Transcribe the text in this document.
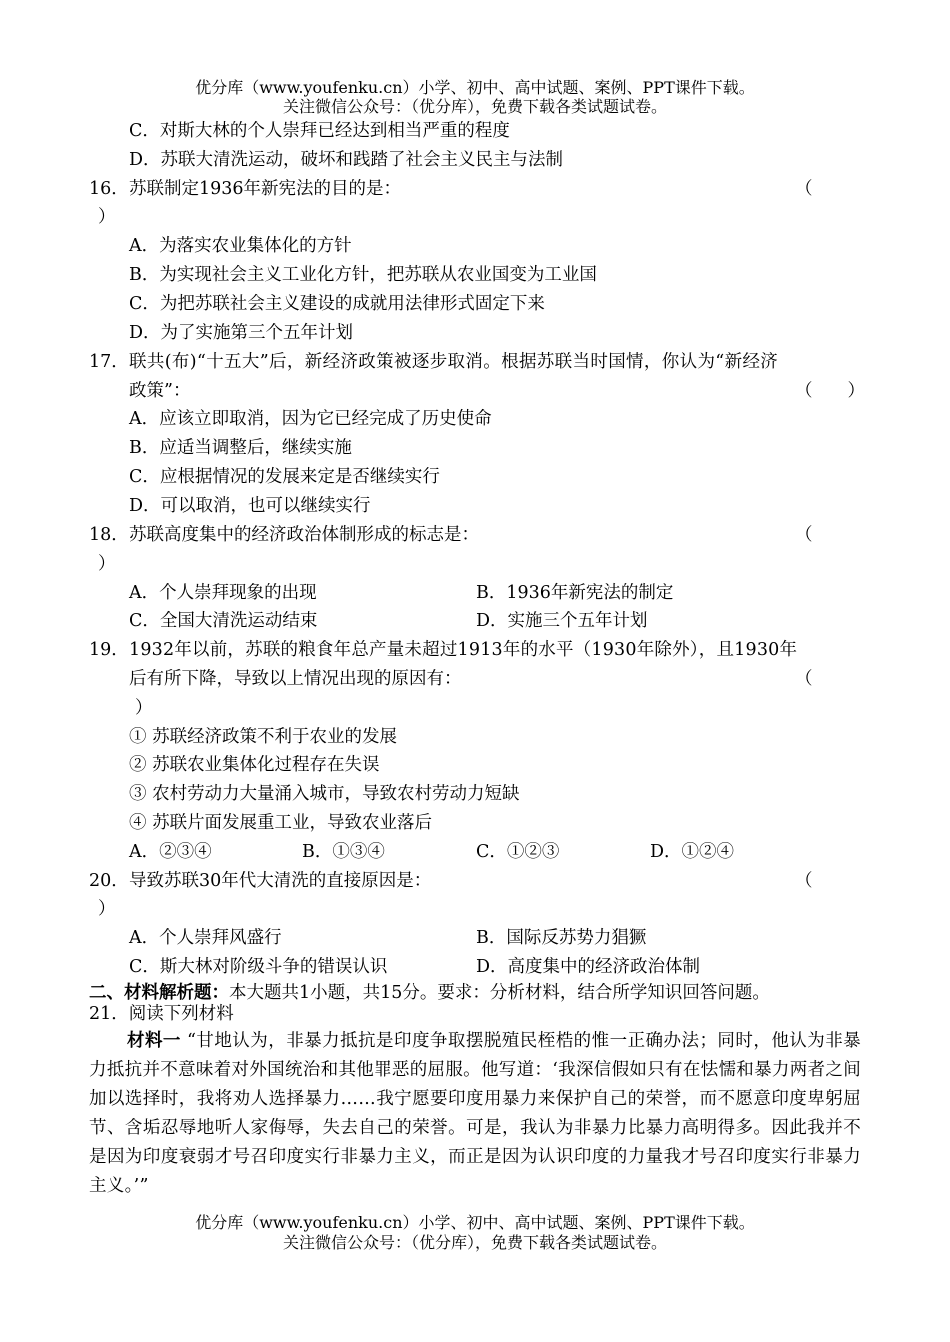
优分库（www.youfenku.cn）小学、初中、高中试题、案例、PPT课件下载。
关注微信公众号：（优分库），免费下载各类试题试卷。
C．对斯大林的个人崇拜已经达到相当严重的程度
D．苏联大清洗运动，破坏和践踏了社会主义民主与法制
16． 苏联制定1936年新宪法的目的是：	（
）
A．为落实农业集体化的方针
B．为实现社会主义工业化方针，把苏联从农业国变为工业国
C．为把苏联社会主义建设的成就用法律形式固定下来
D．为了实施第三个五年计划
17． 联共(布)“十五大”后，新经济政策被逐步取消。根据苏联当时国情，你认为“新经济
政策”：	（　　）
A．应该立即取消，因为它已经完成了历史使命
B．应适当调整后，继续实施
C．应根据情况的发展来定是否继续实行
D．可以取消，也可以继续实行
18． 苏联高度集中的经济政治体制形成的标志是：	（
）
A．个人崇拜现象的出现	B．1936年新宪法的制定
C．全国大清洗运动结束	D．实施三个五年计划
19． 1932年以前，苏联的粮食年总产量未超过1913年的水平（1930年除外），且1930年
后有所下降，导致以上情况出现的原因有：	（
）
① 苏联经济政策不利于农业的发展
② 苏联农业集体化过程存在失误
③ 农村劳动力大量涌入城市，导致农村劳动力短缺
④ 苏联片面发展重工业，导致农业落后
A．②③④	B．①③④	C．①②③	D．①②④
20． 导致苏联30年代大清洗的直接原因是：	（
）
A．个人崇拜风盛行	B．国际反苏势力猖獗
C．斯大林对阶级斗争的错误认识	D．高度集中的经济政治体制
二、材料解析题：本大题共1小题，共15分。要求：分析材料，结合所学知识回答问题。
21．阅读下列材料
材料一 “甘地认为，非暴力抵抗是印度争取摆脱殖民桎梏的惟一正确办法；同时，他认为非暴力抵抗并不意味着对外国统治和其他罪恶的屈服。他写道：‘我深信假如只有在怯懦和暴力两者之间加以选择时，我将劝人选择暴力……我宁愿要印度用暴力来保护自己的荣誉，而不愿意印度卑躬屈节、含垢忍辱地听人家侮辱，失去自己的荣誉。可是，我认为非暴力比暴力高明得多。因此我并不是因为印度衰弱才号召印度实行非暴力主义，而正是因为认识印度的力量我才号召印度实行非暴力主义。’”
优分库（www.youfenku.cn）小学、初中、高中试题、案例、PPT课件下载。
关注微信公众号：（优分库），免费下载各类试题试卷。
